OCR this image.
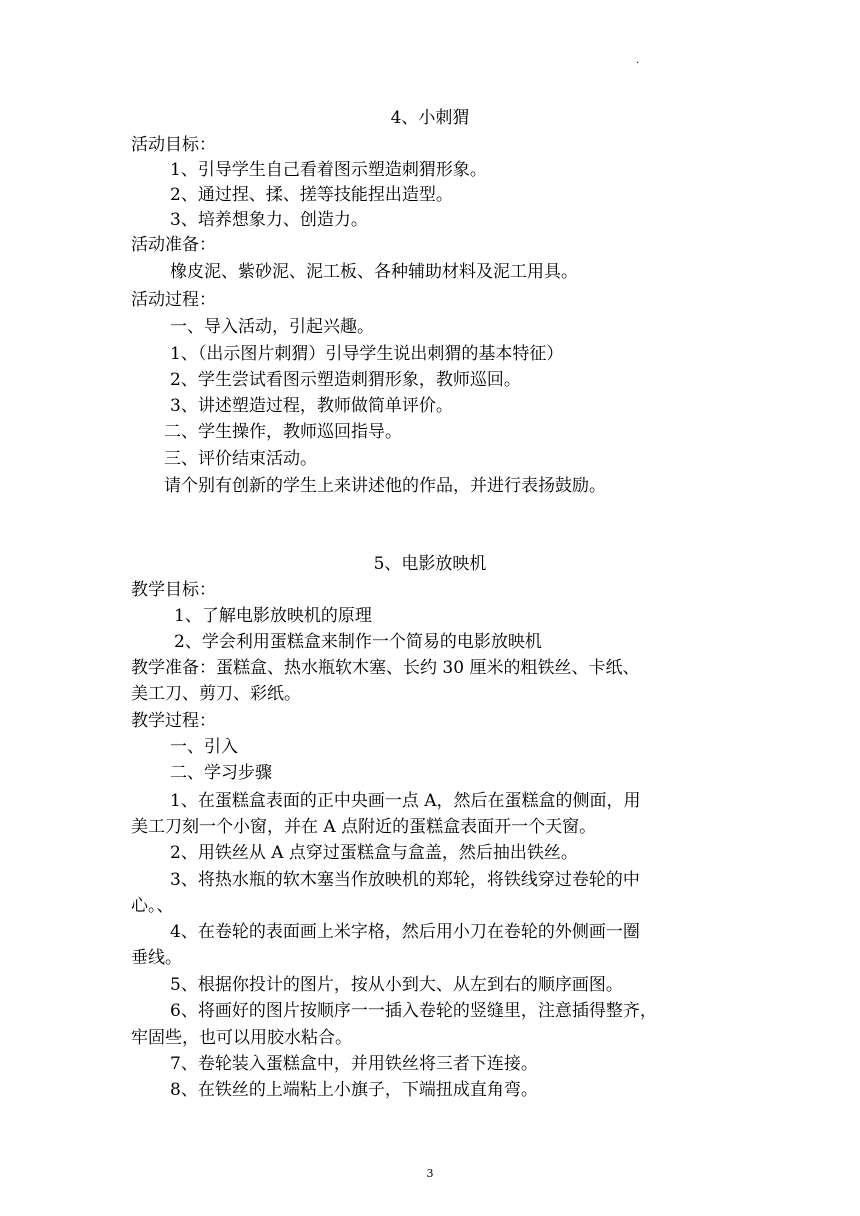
.
4、小刺猬
活动目标：
1、引导学生自己看着图示塑造刺猬形象。
2、通过捏、揉、搓等技能捏出造型。
3、培养想象力、创造力。
活动准备：
橡皮泥、紫砂泥、泥工板、各种辅助材料及泥工用具。
活动过程：
一、导入活动，引起兴趣。
1、（出示图片刺猬）引导学生说出刺猬的基本特征）
2、学生尝试看图示塑造刺猬形象，教师巡回。
3、讲述塑造过程，教师做简单评价。
二、学生操作，教师巡回指导。
三、评价结束活动。
请个别有创新的学生上来讲述他的作品，并进行表扬鼓励。
5、电影放映机
教学目标：
1、了解电影放映机的原理
2、学会利用蛋糕盒来制作一个简易的电影放映机
教学准备：蛋糕盒、热水瓶软木塞、长约 30 厘米的粗铁丝、卡纸、
美工刀、剪刀、彩纸。
教学过程：
一、引入
二、学习步骤
1、在蛋糕盒表面的正中央画一点 A，然后在蛋糕盒的侧面，用
美工刀刻一个小窗，并在 A 点附近的蛋糕盒表面开一个天窗。
2、用铁丝从 A 点穿过蛋糕盒与盒盖，然后抽出铁丝。
3、将热水瓶的软木塞当作放映机的郑轮，将铁线穿过卷轮的中
心。、
4、在卷轮的表面画上米字格，然后用小刀在卷轮的外侧画一圈
垂线。
5、根据你投计的图片，按从小到大、从左到右的顺序画图。
6、将画好的图片按顺序一一插入卷轮的竖缝里，注意插得整齐，
牢固些，也可以用胶水粘合。
7、卷轮装入蛋糕盒中，并用铁丝将三者下连接。
8、在铁丝的上端粘上小旗子，下端扭成直角弯。
3
